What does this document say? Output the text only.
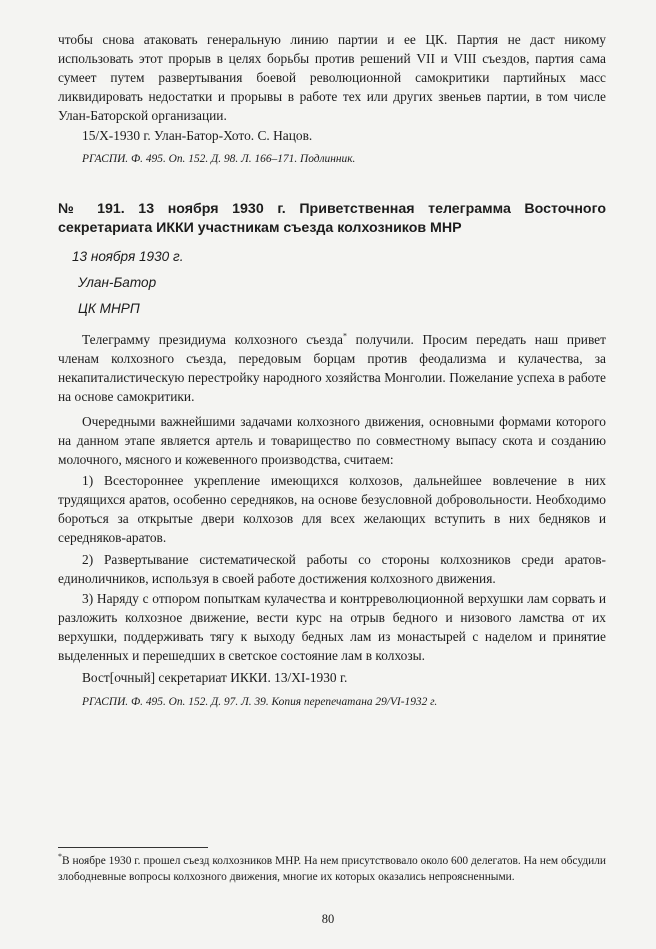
чтобы снова атаковать генеральную линию партии и ее ЦК. Партия не даст никому использовать этот прорыв в целях борьбы против решений VII и VIII съездов, партия сама сумеет путем развертывания боевой революционной самокритики партийных масс ликвидировать недостатки и прорывы в работе тех или других звеньев партии, в том числе Улан-Баторской организации.

15/X-1930 г. Улан-Батор-Хото. С. Нацов.

РГАСПИ. Ф. 495. Оп. 152. Д. 98. Л. 166–171. Подлинник.

№ 191. 13 ноября 1930 г. Приветственная телеграмма Восточного секретариата ИККИ участникам съезда колхозников МНР

13 ноября 1930 г.

Улан-Батор

ЦК МНРП

Телеграмму президиума колхозного съезда* получили. Просим передать наш привет членам колхозного съезда, передовым борцам против феодализма и кулачества, за некапиталистическую перестройку народного хозяйства Монголии. Пожелание успеха в работе на основе самокритики.

Очередными важнейшими задачами колхозного движения, основными формами которого на данном этапе является артель и товарищество по совместному выпасу скота и созданию молочного, мясного и кожевенного производства, считаем:

1) Всестороннее укрепление имеющихся колхозов, дальнейшее вовлечение в них трудящихся аратов, особенно середняков, на основе безусловной добровольности. Необходимо бороться за открытые двери колхозов для всех желающих вступить в них бедняков и середняков-аратов.

2) Развертывание систематической работы со стороны колхозников среди аратов-единоличников, используя в своей работе достижения колхозного движения.

3) Наряду с отпором попыткам кулачества и контрреволюционной верхушки лам сорвать и разложить колхозное движение, вести курс на отрыв бедного и низового ламства от их верхушки, поддерживать тягу к выходу бедных лам из монастырей с наделом и принятие выделенных и перешедших в светское состояние лам в колхозы.

Вост[очный] секретариат ИККИ. 13/XI-1930 г.

РГАСПИ. Ф. 495. Оп. 152. Д. 97. Л. 39. Копия перепечатана 29/VI-1932 г.

*В ноябре 1930 г. прошел съезд колхозников МНР. На нем присутствовало около 600 делегатов. На нем обсудили злободневные вопросы колхозного движения, многие их которых оказались непроясненными.

80
